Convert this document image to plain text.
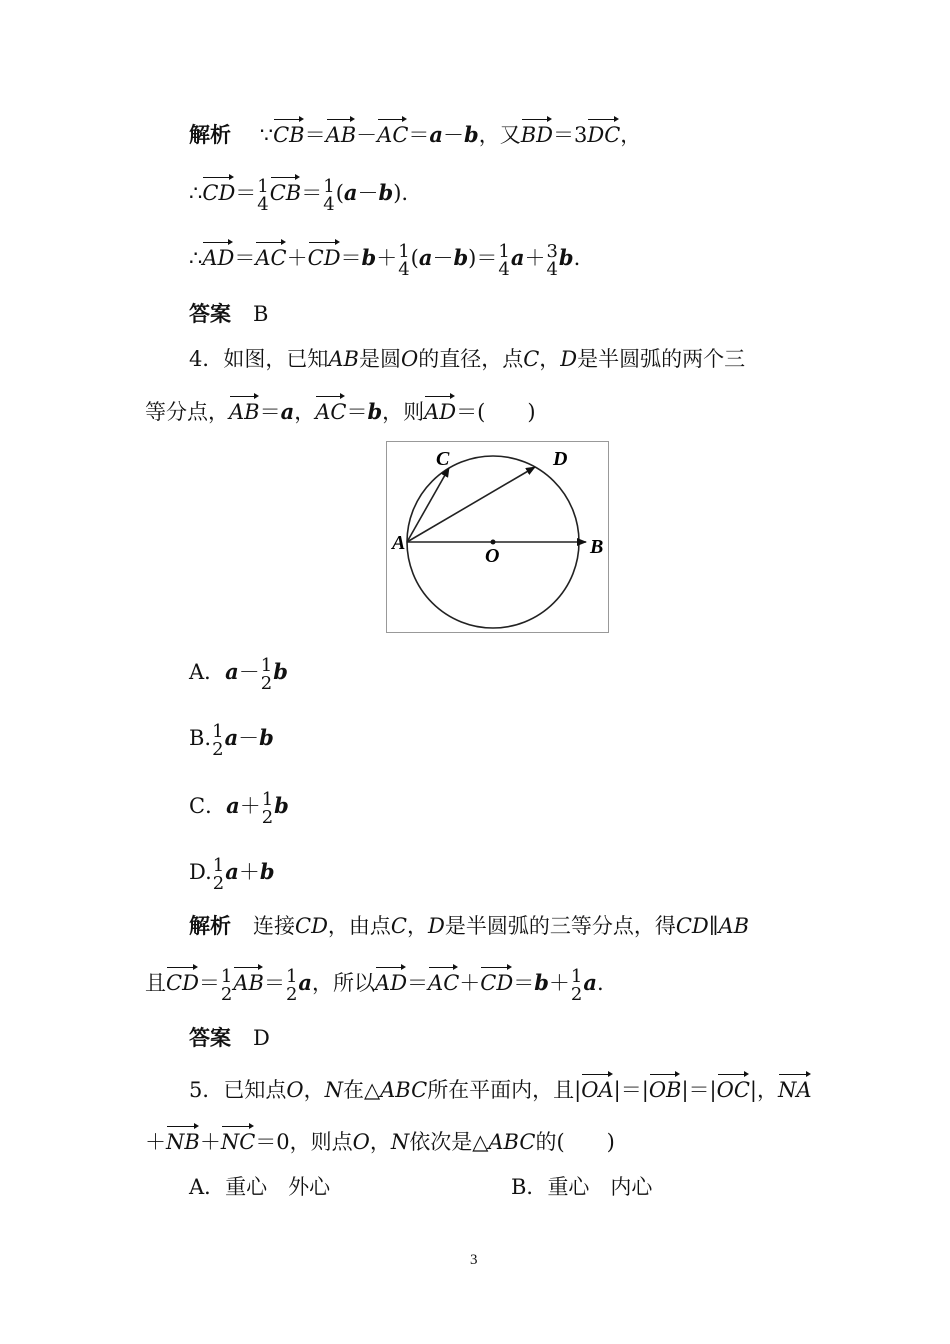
解析 ∵CB＝AB－AC＝a－b，又BD＝3DC，
∴CD＝ 1
4 CB＝ 1
4 (a－b).
∴AD＝AC＋CD＝b＋ 1
4 (a－b)＝ 1
4 a＋ 3
4 b.
答案 B
4．如图，已知AB是圆O的直径，点C，D是半圆弧的两个三
等分点，AB＝a，AC＝b，则AD＝(　　)
A	B
C	D
O
A．a－ 1
2 b
B. 1
2 a－b
C．a＋ 1
2 b
D. 1
2 a＋b
解析 连接CD，由点C，D是半圆弧的三等分点，得CD∥AB
且CD＝ 1
2 AB＝ 1
2 a，所以AD＝AC＋CD＝b＋ 1
2 a.
答案 D
5．已知点O，N在△ABC所在平面内，且|OA|＝|OB|＝|OC|，NA
＋NB＋NC＝0，则点O，N依次是△ABC的(　　)
A．重心　外心	B．重心　内心
3
